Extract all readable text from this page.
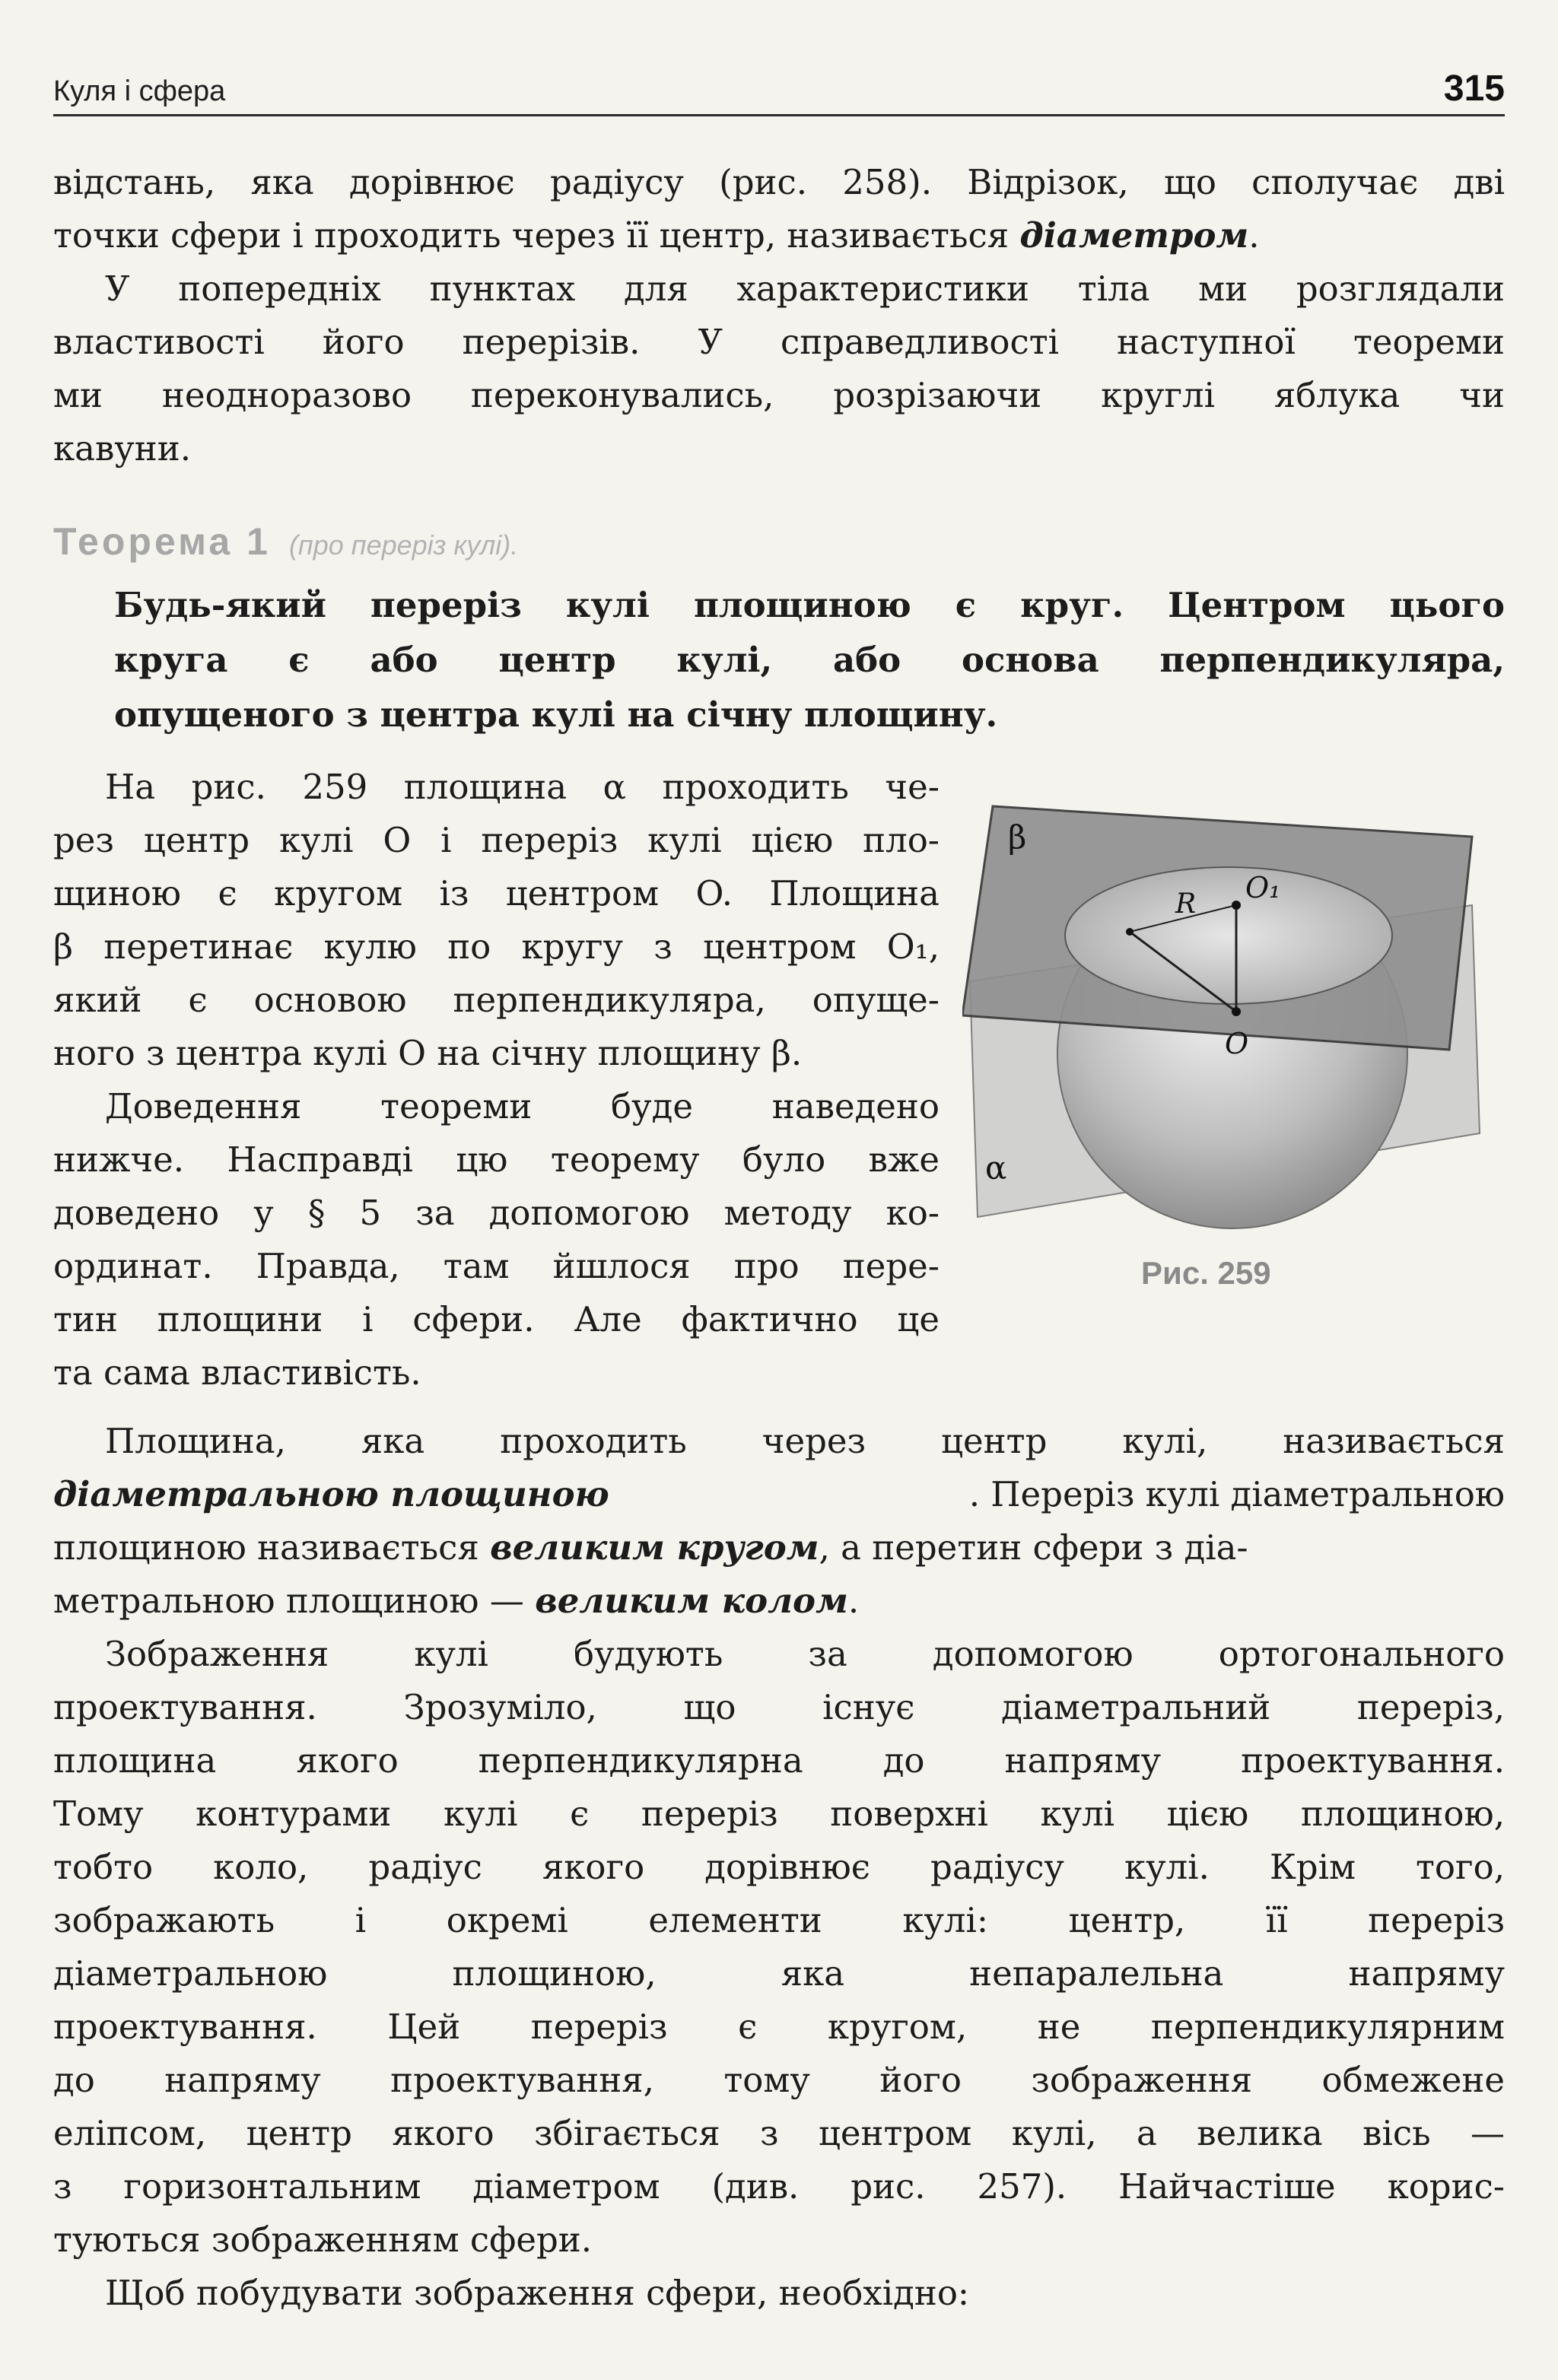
Куля і сфера	315
відстань, яка дорівнює радіусу (рис. 258). Відрізок, що сполучає дві
точки сфери і проходить через її центр, називається діаметром.
У попередніх пунктах для характеристики тіла ми розглядали
властивості його перерізів. У справедливості наступної теореми
ми неодноразово переконувались, розрізаючи круглі яблука чи
кавуни.
Теорема 1 (про переріз кулі).
Будь-який переріз кулі площиною є круг. Центром цього
круга є або центр кулі, або основа перпендикуляра,
опущеного з центра кулі на січну площину.
На рис. 259 площина α проходить че-
рез центр кулі O і переріз кулі цією пло-
щиною є кругом із центром O. Площина
β перетинає кулю по кругу з центром O₁,
який є основою перпендикуляра, опуще-
ного з центра кулі O на січну площину β.
Доведення теореми буде наведено
нижче. Насправді цю теорему було вже
доведено у § 5 за допомогою методу ко-
ординат. Правда, там йшлося про пере-
тин площини і сфери. Але фактично це
та сама властивість.
β
α
R O₁
O
Рис. 259
Площина, яка проходить через центр кулі, називається
діаметральною площиною	. Переріз кулі діаметральною
площиною називається великим кругом, а перетин сфери з діа-
метральною площиною — великим колом.
Зображення кулі будують за допомогою ортогонального
проектування. Зрозуміло, що існує діаметральний переріз,
площина якого перпендикулярна до напряму проектування.
Тому контурами кулі є переріз поверхні кулі цією площиною,
тобто коло, радіус якого дорівнює радіусу кулі. Крім того,
зображають і окремі елементи кулі: центр, її переріз
діаметральною площиною, яка непаралельна напряму
проектування. Цей переріз є кругом, не перпендикулярним
до напряму проектування, тому його зображення обмежене
еліпсом, центр якого збігається з центром кулі, а велика вісь —
з горизонтальним діаметром (див. рис. 257). Найчастіше корис-
туються зображенням сфери.
Щоб побудувати зображення сфери, необхідно:
